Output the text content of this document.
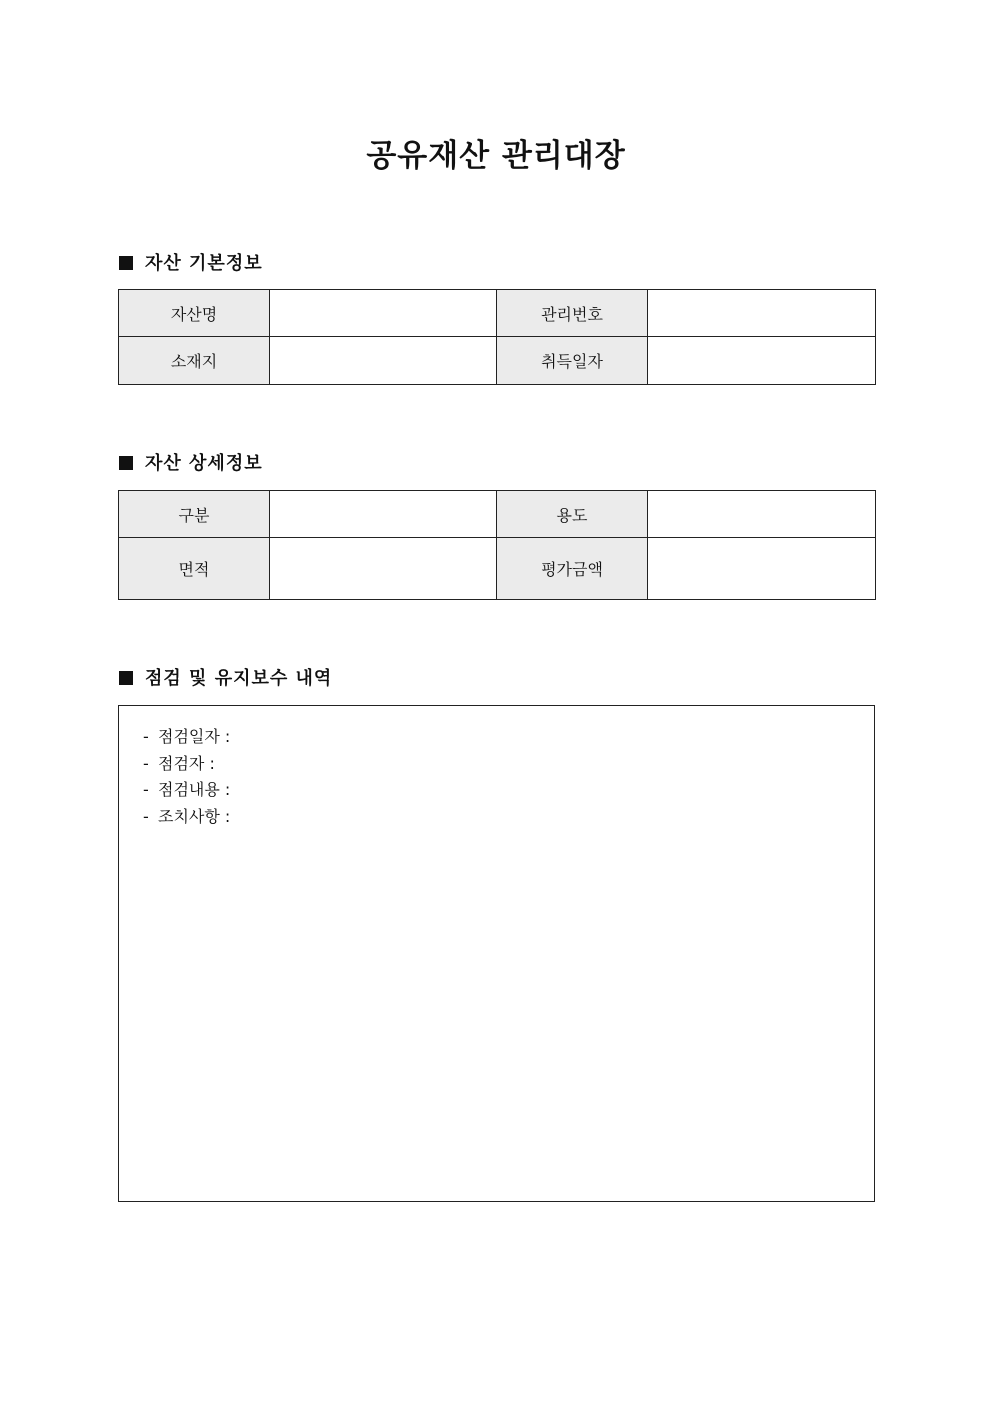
공유재산 관리대장
자산 기본정보
자산명		관리번호	
소재지		취득일자	
자산 상세정보
구분		용도	
면적		평가금액	
점검 및 유지보수 내역
- 점검일자 :
- 점검자 :
- 점검내용 :
- 조치사항 :
